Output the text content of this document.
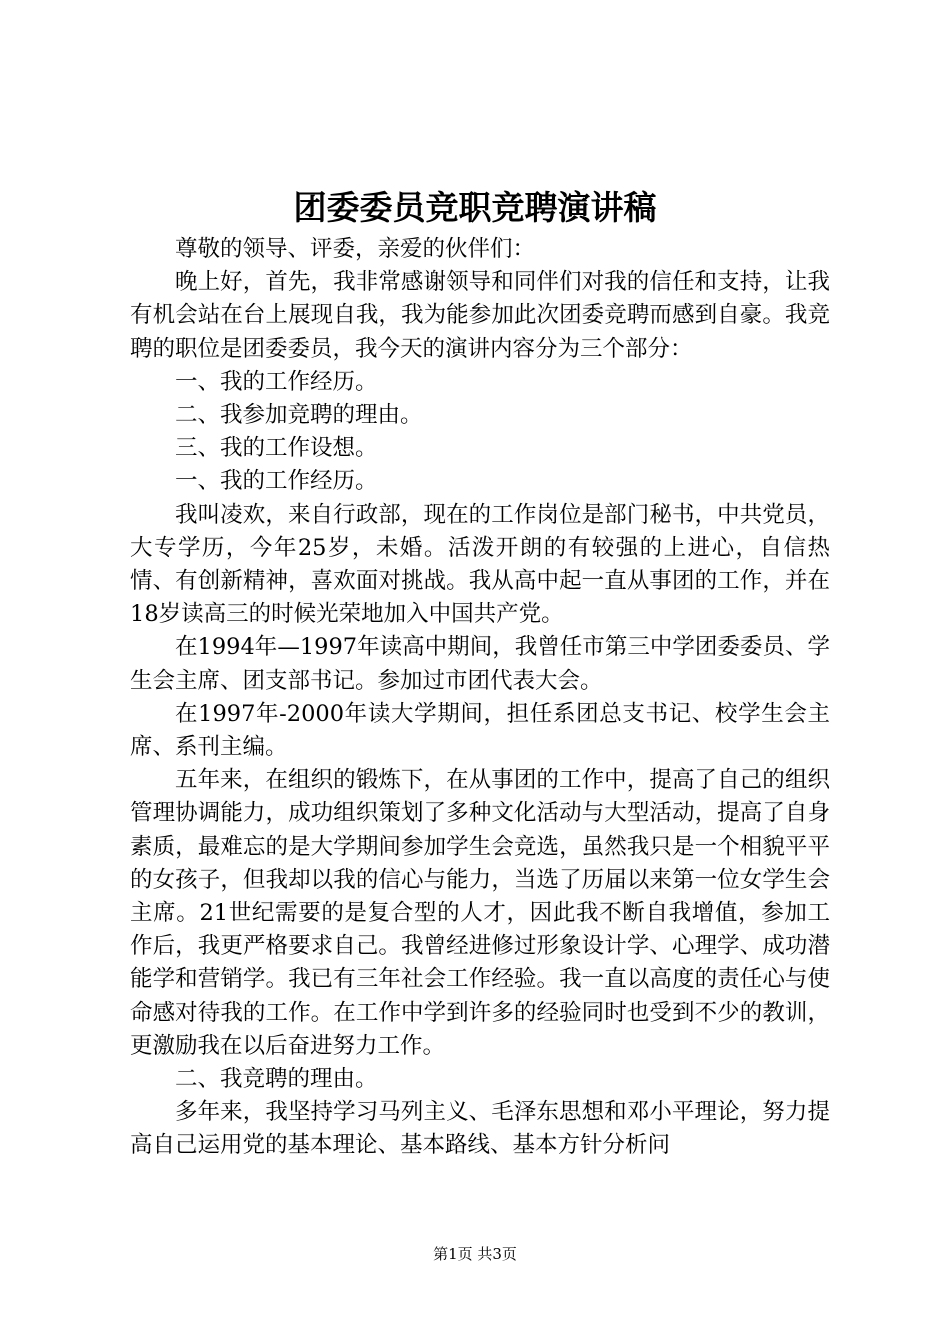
团委委员竞职竞聘演讲稿

尊敬的领导、评委，亲爱的伙伴们：

晚上好，首先，我非常感谢领导和同伴们对我的信任和支持，让我有机会站在台上展现自我，我为能参加此次团委竞聘而感到自豪。我竞聘的职位是团委委员，我今天的演讲内容分为三个部分：

一、我的工作经历。

二、我参加竞聘的理由。

三、我的工作设想。

一、我的工作经历。

我叫凌欢，来自行政部，现在的工作岗位是部门秘书，中共党员，大专学历，今年25岁，未婚。活泼开朗的有较强的上进心，自信热情、有创新精神，喜欢面对挑战。我从高中起一直从事团的工作，并在18岁读高三的时候光荣地加入中国共产党。

在1994年—1997年读高中期间，我曾任市第三中学团委委员、学生会主席、团支部书记。参加过市团代表大会。

在1997年-2000年读大学期间，担任系团总支书记、校学生会主席、系刊主编。

五年来，在组织的锻炼下，在从事团的工作中，提高了自己的组织管理协调能力，成功组织策划了多种文化活动与大型活动，提高了自身素质，最难忘的是大学期间参加学生会竞选，虽然我只是一个相貌平平的女孩子，但我却以我的信心与能力，当选了历届以来第一位女学生会主席。21世纪需要的是复合型的人才，因此我不断自我增值，参加工作后，我更严格要求自己。我曾经进修过形象设计学、心理学、成功潜能学和营销学。我已有三年社会工作经验。我一直以高度的责任心与使命感对待我的工作。在工作中学到许多的经验同时也受到不少的教训，更激励我在以后奋进努力工作。

二、我竞聘的理由。

多年来，我坚持学习马列主义、毛泽东思想和邓小平理论，努力提高自己运用党的基本理论、基本路线、基本方针分析问

第1页 共3页
